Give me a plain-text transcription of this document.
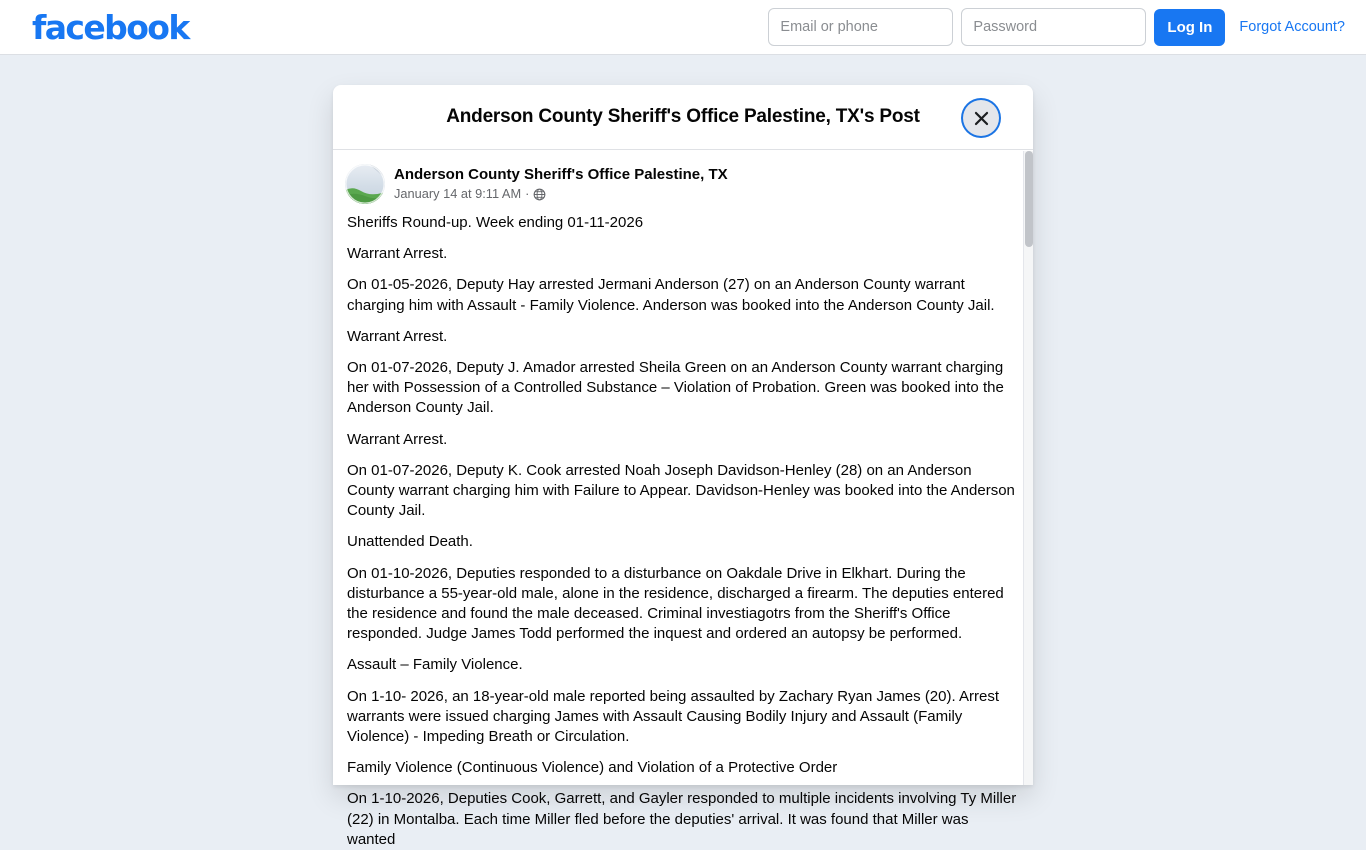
facebook
Email or phone	Log In	Forgot Account?
Anderson County Sheriff's Office Palestine, TX's Post
Anderson County Sheriff's Office Palestine, TX
January 14 at 9:11 AM ·

Sheriffs Round-up. Week ending 01-11-2026

Warrant Arrest.

On 01-05-2026, Deputy Hay arrested Jermani Anderson (27) on an Anderson County warrant charging him with Assault - Family Violence. Anderson was booked into the Anderson County Jail.

Warrant Arrest.

On 01-07-2026, Deputy J. Amador arrested Sheila Green on an Anderson County warrant charging her with Possession of a Controlled Substance – Violation of Probation. Green was booked into the Anderson County Jail.

Warrant Arrest.

On 01-07-2026, Deputy K. Cook arrested Noah Joseph Davidson-Henley (28) on an Anderson County warrant charging him with Failure to Appear. Davidson-Henley was booked into the Anderson County Jail.

Unattended Death.

On 01-10-2026, Deputies responded to a disturbance on Oakdale Drive in Elkhart. During the disturbance a 55-year-old male, alone in the residence, discharged a firearm. The deputies entered the residence and found the male deceased. Criminal investiagotrs from the Sheriff's Office responded. Judge James Todd performed the inquest and ordered an autopsy be performed.

Assault – Family Violence.

On 1-10- 2026, an 18-year-old male reported being assaulted by Zachary Ryan James (20). Arrest warrants were issued charging James with Assault Causing Bodily Injury and Assault (Family Violence) - Impeding Breath or Circulation.

Family Violence (Continuous Violence) and Violation of a Protective Order

On 1-10-2026, Deputies Cook, Garrett, and Gayler responded to multiple incidents involving Ty Miller (22) in Montalba. Each time Miller fled before the deputies' arrival. It was found that Miller was wanted
